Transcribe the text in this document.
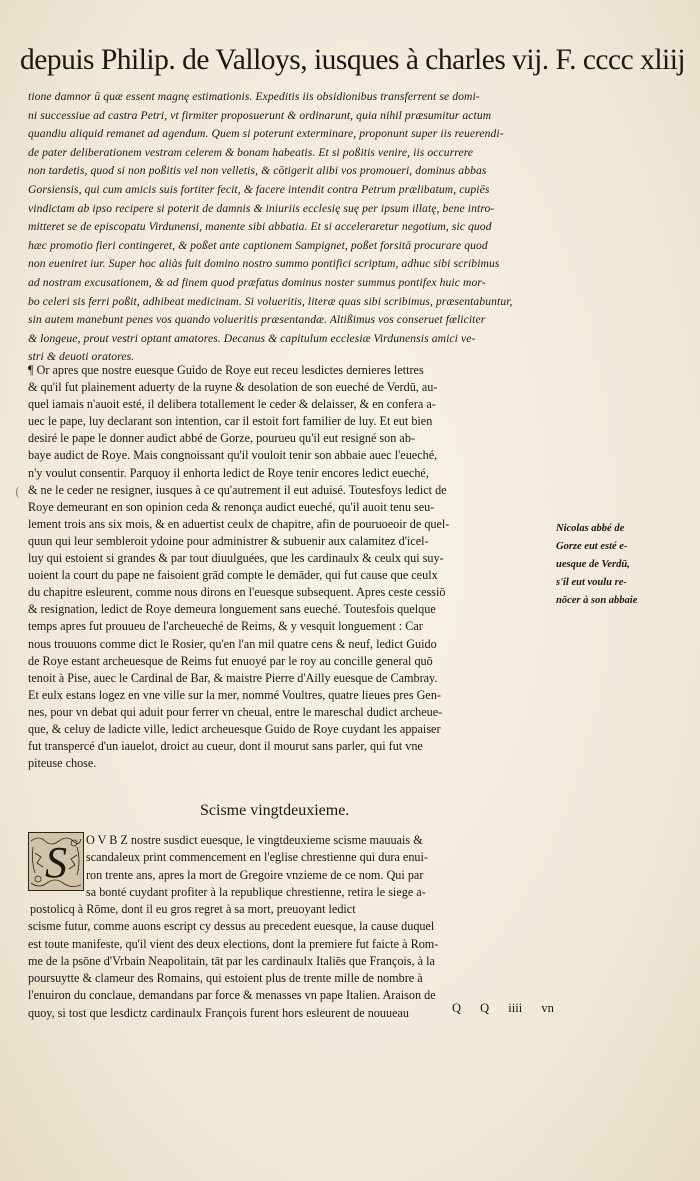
depuis Philip. de Valloys, iusques à charles vij. F. cccc xliij
tione damnor ū quæ essent magnę estimationis. Expeditis iis obsidionibus transferrent se domi-
ni successiue ad castra Petri, vt firmiter proposuerunt & ordinarunt, quia nihil præsumitur actum
quandiu aliquid remanet ad agendum. Quem si poterunt exterminare, proponunt super iis reuerendi-
de pater deliberationem vestram celerem & bonam habeatis. Et si poßitis venire, iis occurrere
non tardetis, quod si non poßitis vel non velletis, & cōtigerit alibi vos promoueri, dominus abbas
Gorsiensis, qui cum amicis suis fortiter fecit, & facere intendit contra Petrum prælibatum, cupiēs
vindictam ab ipso recipere si poterit de damnis & iniuriis ecclesię suę per ipsum illatę, bene intro-
mitteret se de episcopatu Virdunensi, manente sibi abbatia. Et si acceleraretur negotium, sic quod
hæc promotio fieri contingeret, & poßet ante captionem Sampignet, poßet forsitā procurare quod
non eueniret iur. Super hoc aliàs fuit domino nostro summo pontifici scriptum, adhuc sibi scribimus
ad nostram excusationem, & ad finem quod præfatus dominus noster summus pontifex huic mor-
bo celeri sis ferri poßit, adhibeat medicinam. Si volueritis, literæ quas sibi scribimus, præsentabuntur,
sin autem manebunt penes vos quando volueritis præsentandæ. Altißimus vos conseruet fœliciter
& longeue, prout vestri optant amatores. Decanus & capitulum ecclesiæ Virdunensis amici ve-
stri & deuoti oratores.
¶ Or apres que nostre euesque Guido de Roye eut receu lesdictes dernieres lettres
& qu'il fut plainement aduerty de la ruyne & desolation de son eueché de Verdū, au-
quel iamais n'auoit esté, il delibera totallement le ceder & delaisser, & en confera a-
uec le pape, luy declarant son intention, car il estoit fort familier de luy. Et eut bien
desiré le pape le donner audict abbé de Gorze, pourueu qu'il eut resigné son ab-
baye audict de Roye. Mais congnoissant qu'il vouloit tenir son abbaie auec l'eueché,
n'y voulut consentir. Parquoy il enhorta ledict de Roye tenir encores ledict eueché,
& ne le ceder ne resigner, iusques à ce qu'autrement il eut aduisé. Toutesfoys ledict de
Roye demeurant en son opinion ceda & renonça audict eueché, qu'il auoit tenu seu-
lement trois ans six mois, & en aduertist ceulx de chapitre, afin de pouruoeoir de quel-
quun qui leur sembleroit ydoine pour administrer & subuenir aux calamitez d'icel-
luy qui estoient si grandes & par tout diuulguées, que les cardinaulx & ceulx qui suy-
uoient la court du pape ne faisoient grād compte le demāder, qui fut cause que ceulx
du chapitre esleurent, comme nous dirons en l'euesque subsequent. Apres ceste cessiō
& resignation, ledict de Roye demeura longuement sans eueché. Toutesfois quelque
temps apres fut prouueu de l'archeueché de Reims, & y vesquit longuement : Car
nous trouuons comme dict le Rosier, qu'en l'an mil quatre cens & neuf, ledict Guido
de Roye estant archeuesque de Reims fut enuoyé par le roy au concille general quō
tenoit à Pise, auec le Cardinal de Bar, & maistre Pierre d'Ailly euesque de Cambray.
Et eulx estans logez en vne ville sur la mer, nommé Voultres, quatre lieues pres Gen-
nes, pour vn debat qui aduit pour ferrer vn cheual, entre le mareschal dudict archeue-
que, & celuy de ladicte ville, ledict archeuesque Guido de Roye cuydant les appaiser
fut transpercé d'un iauelot, droict au cueur, dont il mourut sans parler, qui fut vne
piteuse chose.
(
Nicolas abbé de
Gorze eut esté e-
uesque de Verdū,
s'il eut voulu re-
nōcer à son abbaie
Scisme vingtdeuxieme.
S O V B Z nostre susdict euesque, le vingtdeuxieme scisme mauuais &
scandaleux print commencement en l'eglise chrestienne qui dura enui-
ron trente ans, apres la mort de Gregoire vnzieme de ce nom. Qui par
sa bonté cuydant profiter à la republique chrestienne, retira le siege a-
postolicq à Rōme, dont il eu gros regret à sa mort, preuoyant ledict
scisme futur, comme auons escript cy dessus au precedent euesque, la cause duquel
est toute manifeste, qu'il vient des deux elections, dont la premiere fut faicte à Rom-
me de la psōne d'Vrbain Neapolitain, tāt par les cardinaulx Italiēs que François, à la
poursuytte & clameur des Romains, qui estoient plus de trente mille de nombre à
l'enuiron du conclaue, demandans par force & menasses vn pape Italien. Araison de
quoy, si tost que lesdictz cardinaulx François furent hors esleurent de nouueau	Q Q iiii vn
